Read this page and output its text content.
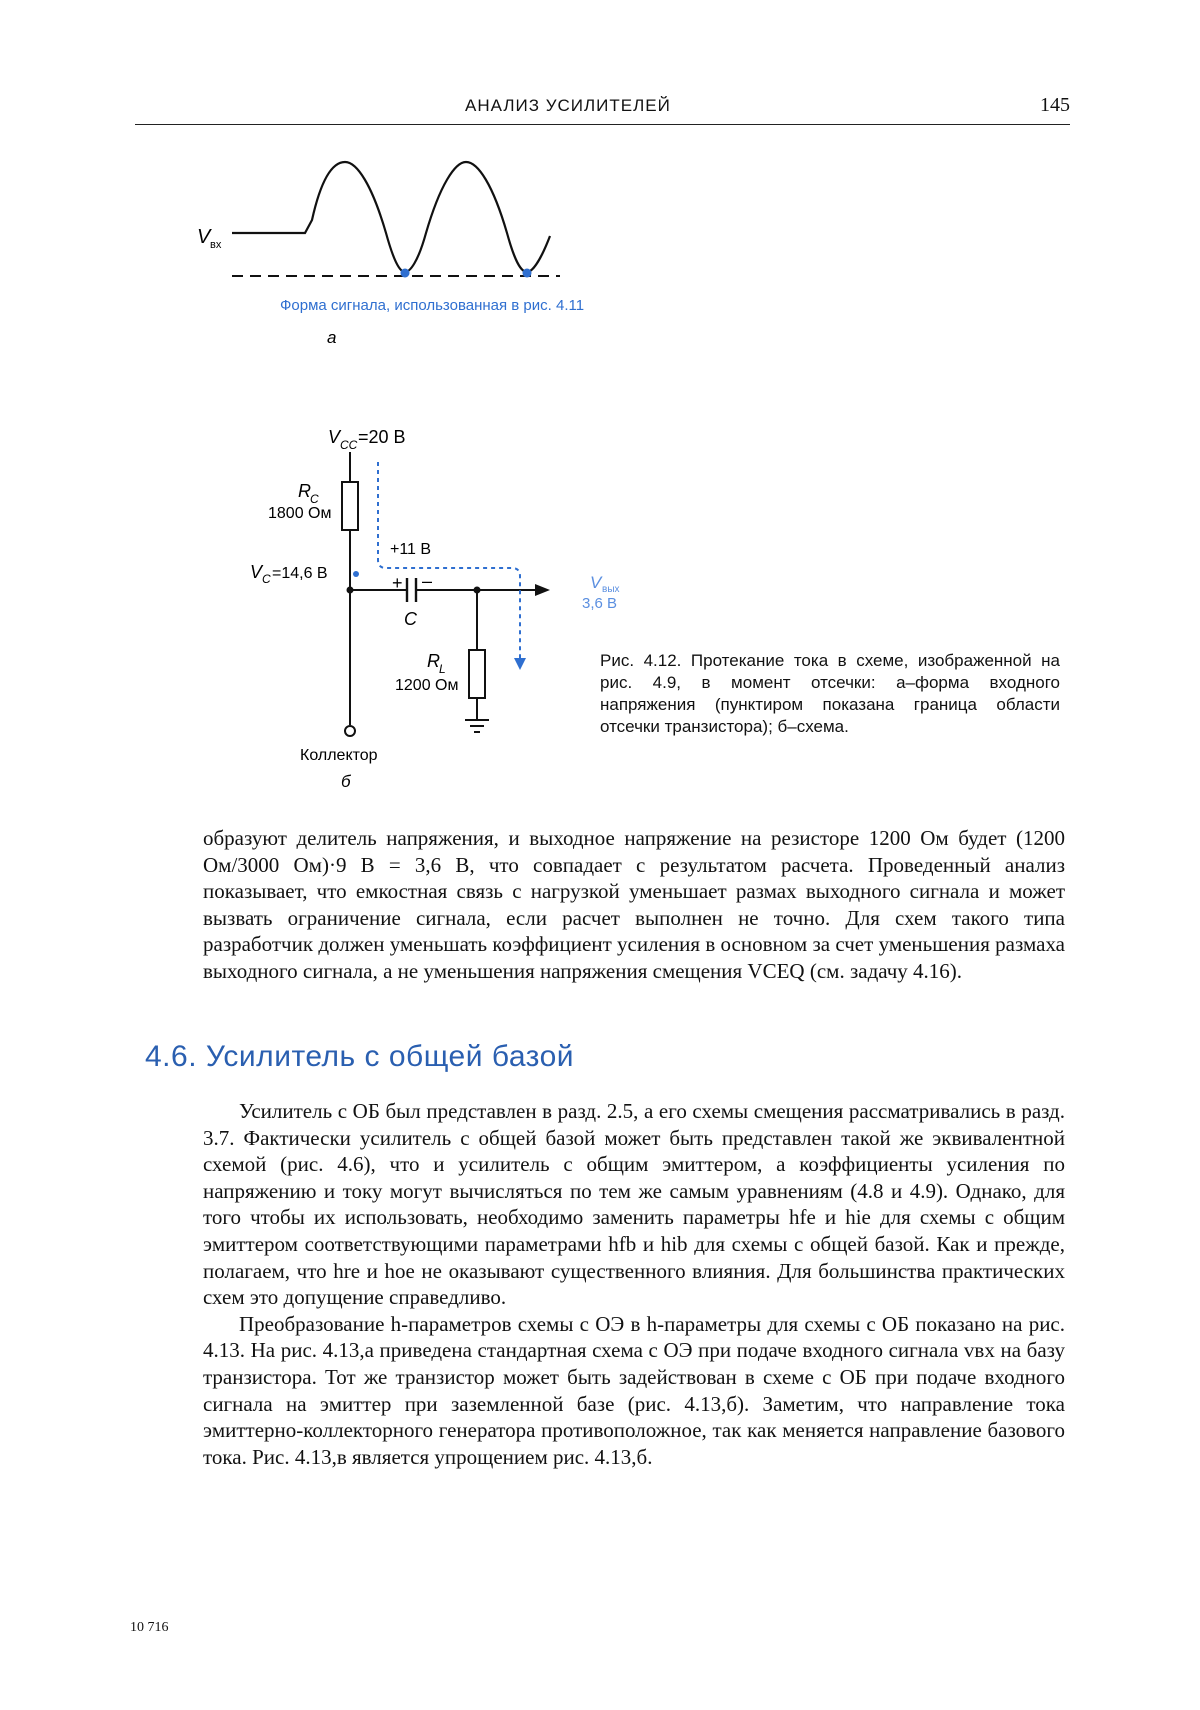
АНАЛИЗ УСИЛИТЕЛЕЙ	145
V вх
Форма сигнала, использованная в рис. 4.11
а
V CC =20 В
R C
1800 Ом
V C =14,6 В	+ –
C
R L
1200 Ом
Коллектор
б
+11 В
V вых
3,6 В
Рис. 4.12. Протекание тока в схеме, изображенной на рис. 4.9, в момент отсечки: а–форма входного напряжения (пунктиром показана граница области отсечки транзистора); б–схема.

образуют делитель напряжения, и выходное напряжение на резисторе 1200 Ом будет (1200 Ом/3000 Ом)·9 В = 3,6 В, что совпадает с результатом расчета. Проведенный анализ показывает, что емкостная связь с нагрузкой уменьшает размах выходного сигнала и может вызвать ограничение сигнала, если расчет выполнен не точно. Для схем такого типа разработчик должен уменьшать коэффициент усиления в основном за счет уменьшения размаха выходного сигнала, а не уменьшения напряжения смещения VCEQ (см. задачу 4.16).

4.6. Усилитель с общей базой

Усилитель с ОБ был представлен в разд. 2.5, а его схемы смещения рассматривались в разд. 3.7. Фактически усилитель с общей базой может быть представлен такой же эквивалентной схемой (рис. 4.6), что и усилитель с общим эмиттером, а коэффициенты усиления по напряжению и току могут вычисляться по тем же самым уравнениям (4.8 и 4.9). Однако, для того чтобы их использовать, необходимо заменить параметры hfe и hie для схемы с общим эмиттером соответствующими параметрами hfb и hib для схемы с общей базой. Как и прежде, полагаем, что hre и hoe не оказывают существенного влияния. Для большинства практических схем это допущение справедливо.

Преобразование h-параметров схемы с ОЭ в h-параметры для схемы с ОБ показано на рис. 4.13. На рис. 4.13,а приведена стандартная схема с ОЭ при подаче входного сигнала vвх на базу транзистора. Тот же транзистор может быть задействован в схеме с ОБ при подаче входного сигнала на эмиттер при заземленной базе (рис. 4.13,б). Заметим, что направление тока эмиттерно-коллекторного генератора противоположное, так как меняется направление базового тока. Рис. 4.13,в является упрощением рис. 4.13,б.

10 716
